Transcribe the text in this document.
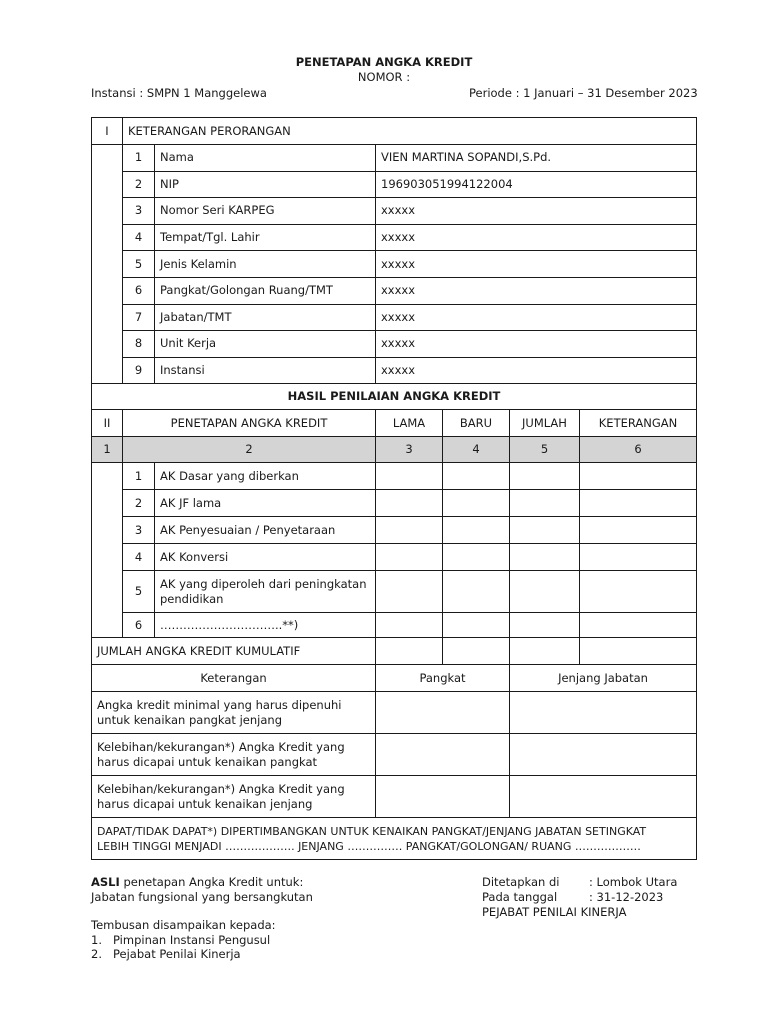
PENETAPAN ANGKA KREDIT
NOMOR :
Instansi : SMPN 1 Manggelewa	Periode : 1 Januari – 31 Desember 2023
I	KETERANGAN PERORANGAN					
	1	Nama	VIEN MARTINA SOPANDI,S.Pd.			
	2	NIP	196903051994122004			
	3	Nomor Seri KARPEG	xxxxx			
	4	Tempat/Tgl. Lahir	xxxxx			
	5	Jenis Kelamin	xxxxx			
	6	Pangkat/Golongan Ruang/TMT	xxxxx			
	7	Jabatan/TMT	xxxxx			
	8	Unit Kerja	xxxxx			
	9	Instansi	xxxxx			
HASIL PENILAIAN ANGKA KREDIT						
II	PENETAPAN ANGKA KREDIT		LAMA	BARU	JUMLAH	KETERANGAN
1	2		3	4	5	6
	1	AK Dasar yang diberkan				
	2	AK JF lama				
	3	AK Penyesuaian / Penyetaraan				
	4	AK Konversi				
	5	AK yang diperoleh dari peningkatan pendidikan				
	6	…………………………..**)				
JUMLAH ANGKA KREDIT KUMULATIF						
Keterangan			Pangkat		Jenjang Jabatan	
Angka kredit minimal yang harus dipenuhi untuk kenaikan pangkat jenjang						
Kelebihan/kekurangan*) Angka Kredit yang harus dicapai untuk kenaikan pangkat						
Kelebihan/kekurangan*) Angka Kredit yang harus dicapai untuk kenaikan jenjang						

DAPAT/TIDAK DAPAT*) DIPERTIMBANGKAN UNTUK KENAIKAN PANGKAT/JENJANG JABATAN SETINGKAT
LEBIH TINGGI MENJADI ………………. JENJANG …………… PANGKAT/GOLONGAN/ RUANG ………………						
ASLI penetapan Angka Kredit untuk:
Jabatan fungsional yang bersangkutan
Ditetapkan di	: Lombok Utara
Pada tanggal	: 31-12-2023
PEJABAT PENILAI KINERJA
Tembusan disampaikan kepada:
1. Pimpinan Instansi Pengusul
2. Pejabat Penilai Kinerja
